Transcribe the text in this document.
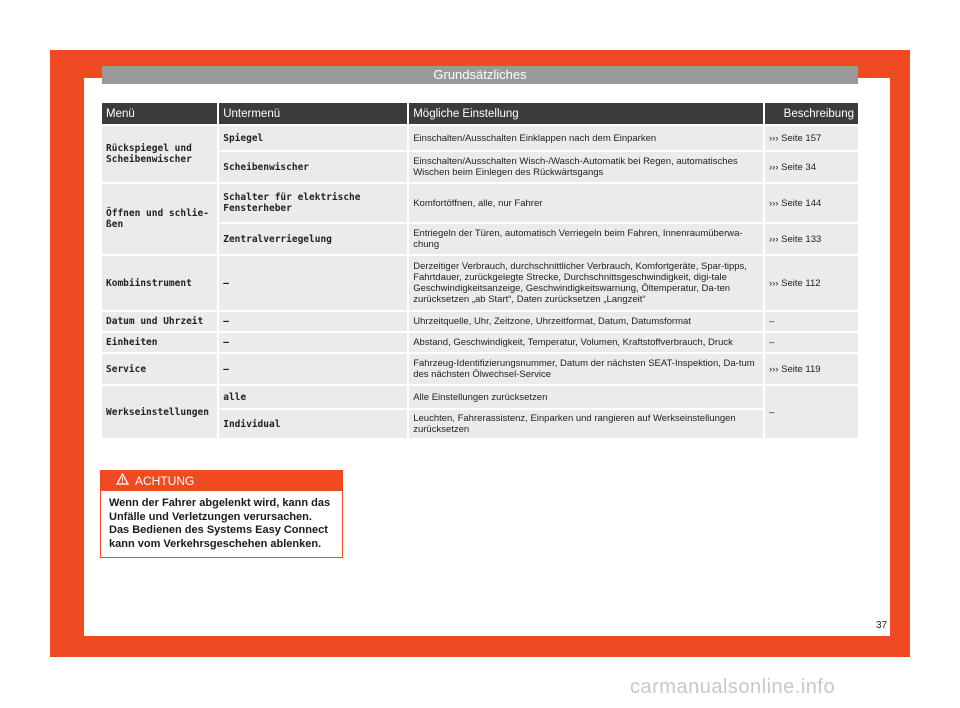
Grundsätzliches
Menü	Untermenü	Mögliche Einstellung	Beschreibung
Rückspiegel und Scheibenwischer	Spiegel	Einschalten/Ausschalten Einklappen nach dem Einparken	››› Seite 157
	Scheibenwischer	Einschalten/Ausschalten Wisch-/Wasch-Automatik bei Regen, automatisches Wischen beim Einlegen des Rückwärtsgangs	››› Seite 34
Öffnen und schlie-ßen	Schalter für elektrische Fensterheber	Komfortöffnen, alle, nur Fahrer	››› Seite 144
	Zentralverriegelung	Entriegeln der Türen, automatisch Verriegeln beim Fahren, Innenraumüberwa-chung	››› Seite 133
Kombiinstrument	–	Derzeitiger Verbrauch, durchschnittlicher Verbrauch, Komfortgeräte, Spar-tipps, Fahrtdauer, zurückgelegte Strecke, Durchschnittsgeschwindigkeit, digi-tale Geschwindigkeitsanzeige, Geschwindigkeitswarnung, Öltemperatur, Da-ten zurücksetzen „ab Start“, Daten zurücksetzen „Langzeit“	››› Seite 112
Datum und Uhrzeit	–	Uhrzeitquelle, Uhr, Zeitzone, Uhrzeitformat, Datum, Datumsformat	–
Einheiten	–	Abstand, Geschwindigkeit, Temperatur, Volumen, Kraftstoffverbrauch, Druck	–
Service	–	Fahrzeug-Identifizierungsnummer, Datum der nächsten SEAT-Inspektion, Da-tum des nächsten Ölwechsel-Service	››› Seite 119
Werkseinstellungen	alle	Alle Einstellungen zurücksetzen	–
	Individual	Leuchten, Fahrerassistenz, Einparken und rangieren auf Werkseinstellungen zurücksetzen	
ACHTUNG
Wenn der Fahrer abgelenkt wird, kann das Unfälle und Verletzungen verursachen. Das Bedienen des Systems Easy Connect kann vom Verkehrsgeschehen ablenken.
37
carmanualsonline.info
